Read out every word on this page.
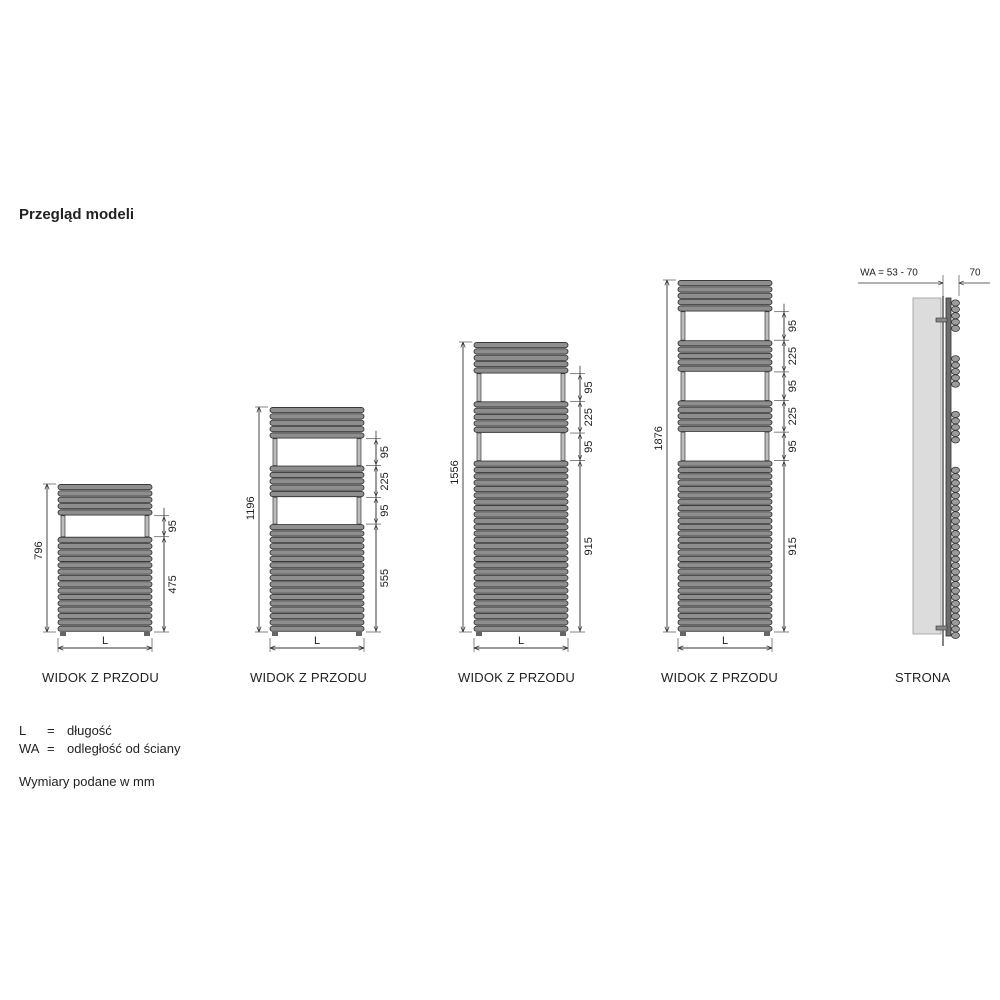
Przegląd modeli
796
L
95
475
1196
L
95
95
225
555
1556
L
95
95
225
915
1876
L
95
95
95
225
225
915
WA = 53 - 70	70
WIDOK Z PRZODU	WIDOK Z PRZODU	WIDOK Z PRZODU	WIDOK Z PRZODU	STRONA
L = długość
WA = odległość od ściany
Wymiary podane w mm
